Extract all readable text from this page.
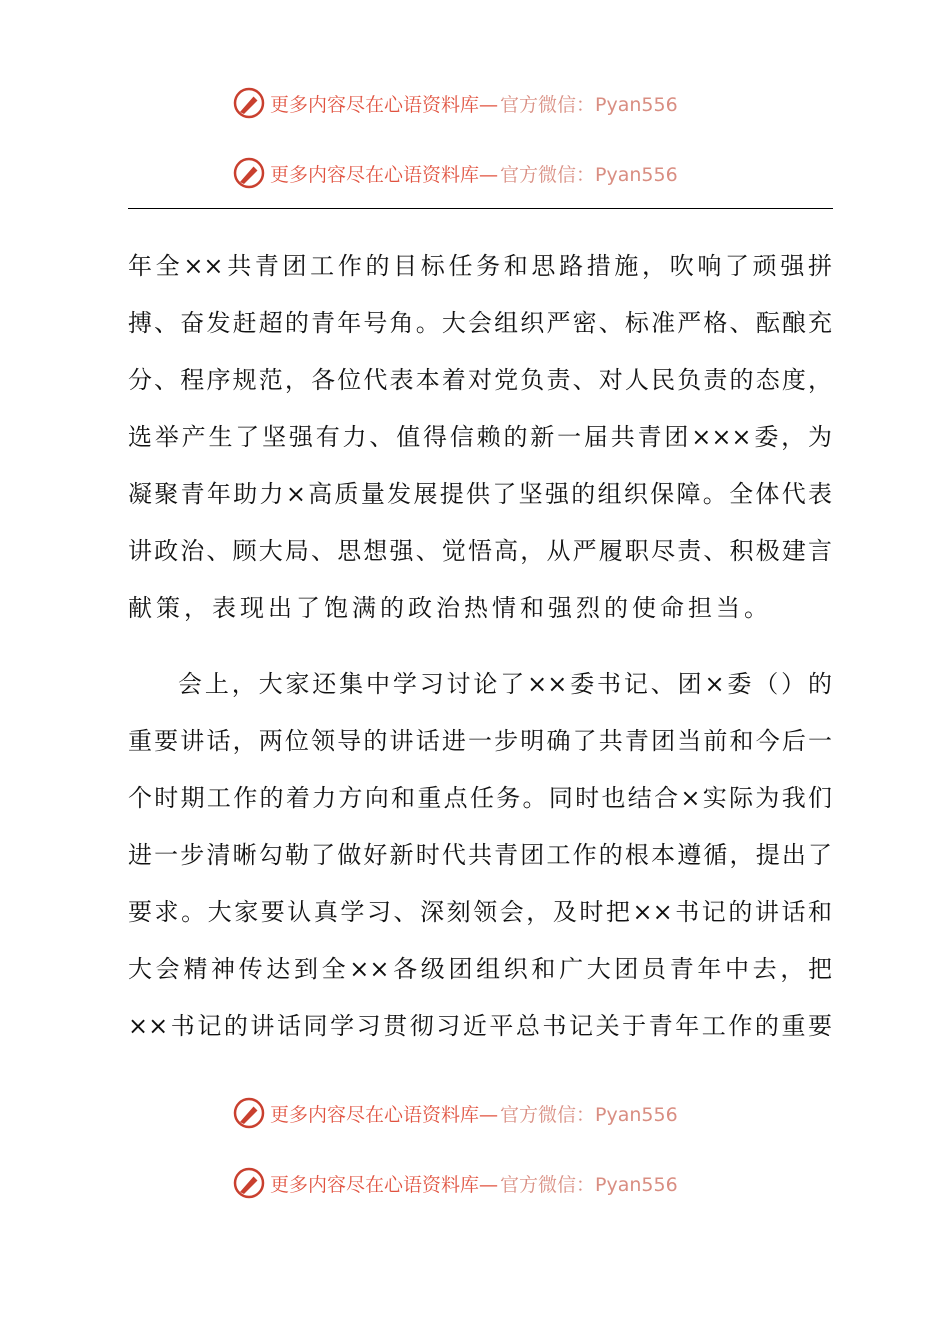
更多内容尽在心语资料库— 官方微信：Pyan556
更多内容尽在心语资料库— 官方微信：Pyan556
年全××共青团工作的目标任务和思路措施，吹响了顽强拼
搏、奋发赶超的青年号角。大会组织严密、标准严格、酝酿充
分、程序规范，各位代表本着对党负责、对人民负责的态度，
选举产生了坚强有力、值得信赖的新一届共青团×××委，为
凝聚青年助力×高质量发展提供了坚强的组织保障。全体代表
讲政治、顾大局、思想强、觉悟高，从严履职尽责、积极建言
献策，表现出了饱满的政治热情和强烈的使命担当。
会上，大家还集中学习讨论了××委书记、团×委（）的
重要讲话，两位领导的讲话进一步明确了共青团当前和今后一
个时期工作的着力方向和重点任务。同时也结合×实际为我们
进一步清晰勾勒了做好新时代共青团工作的根本遵循，提出了
要求。大家要认真学习、深刻领会，及时把××书记的讲话和
大会精神传达到全××各级团组织和广大团员青年中去，把
××书记的讲话同学习贯彻习近平总书记关于青年工作的重要
更多内容尽在心语资料库— 官方微信：Pyan556
更多内容尽在心语资料库— 官方微信：Pyan556
